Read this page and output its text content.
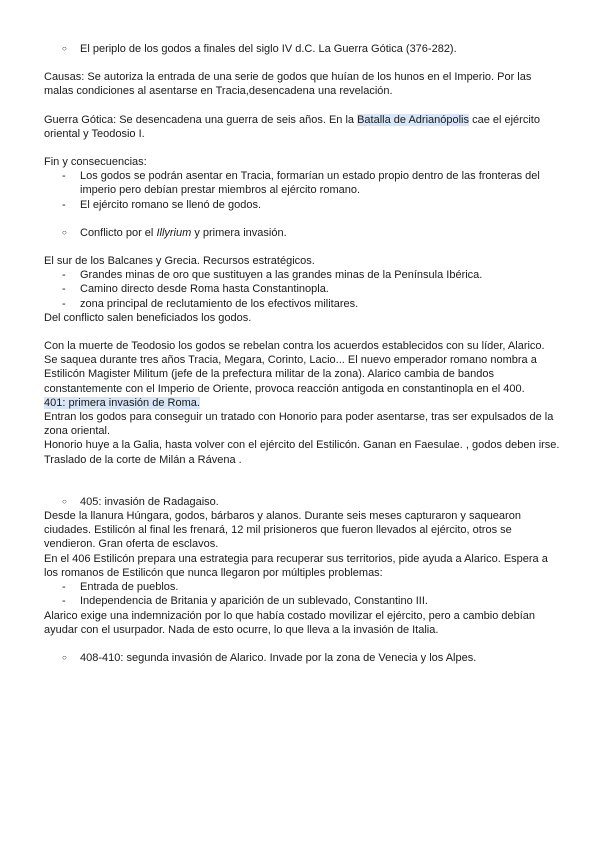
○ El periplo de los godos a finales del siglo IV d.C. La Guerra Gótica (376-282).

Causas: Se autoriza la entrada de una serie de godos que huían de los hunos en el Imperio. Por las malas condiciones al asentarse en Tracia,desencadena una revelación.

Guerra Gótica: Se desencadena una guerra de seis años. En la Batalla de Adrianópolis cae el ejército oriental y Teodosio I.

Fin y consecuencias:

- Los godos se podrán asentar en Tracia, formarían un estado propio dentro de las fronteras del imperio pero debían prestar miembros al ejército romano.

- El ejército romano se llenó de godos.

○ Conflicto por el Illyrium y primera invasión.

El sur de los Balcanes y Grecia. Recursos estratégicos.

- Grandes minas de oro que sustituyen a las grandes minas de la Península Ibérica.

- Camino directo desde Roma hasta Constantinopla.

- zona principal de reclutamiento de los efectivos militares.

Del conflicto salen beneficiados los godos.

Con la muerte de Teodosio los godos se rebelan contra los acuerdos establecidos con su líder, Alarico. Se saquea durante tres años Tracia, Megara, Corinto, Lacio... El nuevo emperador romano nombra a Estilicón Magister Militum (jefe de la prefectura militar de la zona). Alarico cambia de bandos constantemente con el Imperio de Oriente, provoca reacción antigoda en constantinopla en el 400.

401: primera invasión de Roma.

Entran los godos para conseguir un tratado con Honorio para poder asentarse, tras ser expulsados de la zona oriental.

Honorio huye a la Galia, hasta volver con el ejército del Estilicón. Ganan en Faesulae. , godos deben irse.

Traslado de la corte de Milán a Rávena .

○ 405: invasión de Radagaiso.

Desde la llanura Húngara, godos, bárbaros y alanos. Durante seis meses capturaron y saquearon ciudades. Estilicón al final les frenará, 12 mil prisioneros que fueron llevados al ejército, otros se vendieron. Gran oferta de esclavos.

En el 406 Estilicón prepara una estrategia para recuperar sus territorios, pide ayuda a Alarico. Espera a los romanos de Estilicón que nunca llegaron por múltiples problemas:

- Entrada de pueblos.

- Independencia de Britania y aparición de un sublevado, Constantino III.

Alarico exige una indemnización por lo que había costado movilizar el ejército, pero a cambio debían ayudar con el usurpador. Nada de esto ocurre, lo que lleva a la invasión de Italia.

○ 408-410: segunda invasión de Alarico. Invade por la zona de Venecia y los Alpes.
